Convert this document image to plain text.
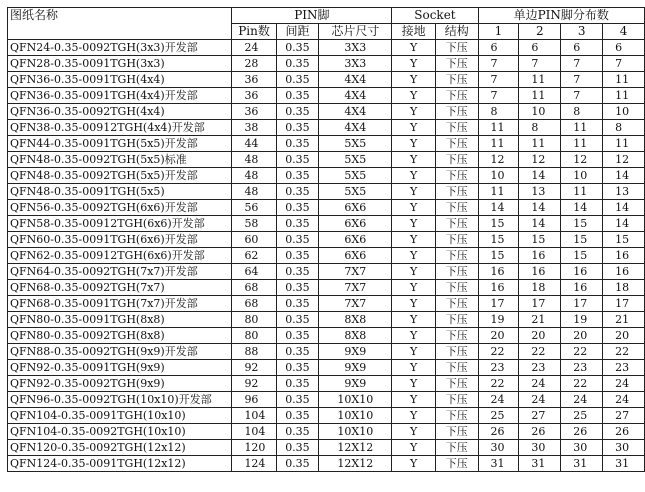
图纸名称	PIN脚			Socket		单边PIN脚分布数			
	Pin数	间距	芯片尺寸	接地	结构	1	2	3	4
QFN24-0.35-0092TGH(3x3)开发部	24	0.35	3X3	Y	下压	6	6	6	6
QFN28-0.35-0091TGH(3x3)	28	0.35	3X3	Y	下压	7	7	7	7
QFN36-0.35-0091TGH(4x4)	36	0.35	4X4	Y	下压	7	11	7	11
QFN36-0.35-0091TGH(4x4)开发部	36	0.35	4X4	Y	下压	7	11	7	11
QFN36-0.35-0092TGH(4x4)	36	0.35	4X4	Y	下压	8	10	8	10
QFN38-0.35-00912TGH(4x4)开发部	38	0.35	4X4	Y	下压	11	8	11	8
QFN44-0.35-0091TGH(5x5)开发部	44	0.35	5X5	Y	下压	11	11	11	11
QFN48-0.35-0092TGH(5x5)标准	48	0.35	5X5	Y	下压	12	12	12	12
QFN48-0.35-0092TGH(5x5)开发部	48	0.35	5X5	Y	下压	10	14	10	14
QFN48-0.35-0091TGH(5x5)	48	0.35	5X5	Y	下压	11	13	11	13
QFN56-0.35-0092TGH(6x6)开发部	56	0.35	6X6	Y	下压	14	14	14	14
QFN58-0.35-00912TGH(6x6)开发部	58	0.35	6X6	Y	下压	15	14	15	14
QFN60-0.35-0091TGH(6x6)开发部	60	0.35	6X6	Y	下压	15	15	15	15
QFN62-0.35-00912TGH(6x6)开发部	62	0.35	6X6	Y	下压	15	16	15	16
QFN64-0.35-0092TGH(7x7)开发部	64	0.35	7X7	Y	下压	16	16	16	16
QFN68-0.35-0092TGH(7x7)	68	0.35	7X7	Y	下压	16	18	16	18
QFN68-0.35-0091TGH(7x7)开发部	68	0.35	7X7	Y	下压	17	17	17	17
QFN80-0.35-0091TGH(8x8)	80	0.35	8X8	Y	下压	19	21	19	21
QFN80-0.35-0092TGH(8x8)	80	0.35	8X8	Y	下压	20	20	20	20
QFN88-0.35-0092TGH(9x9)开发部	88	0.35	9X9	Y	下压	22	22	22	22
QFN92-0.35-0091TGH(9x9)	92	0.35	9X9	Y	下压	23	23	23	23
QFN92-0.35-0092TGH(9x9)	92	0.35	9X9	Y	下压	22	24	22	24
QFN96-0.35-0092TGH(10x10)开发部	96	0.35	10X10	Y	下压	24	24	24	24
QFN104-0.35-0091TGH(10x10)	104	0.35	10X10	Y	下压	25	27	25	27
QFN104-0.35-0092TGH(10x10)	104	0.35	10X10	Y	下压	26	26	26	26
QFN120-0.35-0092TGH(12x12)	120	0.35	12X12	Y	下压	30	30	30	30
QFN124-0.35-0091TGH(12x12)	124	0.35	12X12	Y	下压	31	31	31	31
